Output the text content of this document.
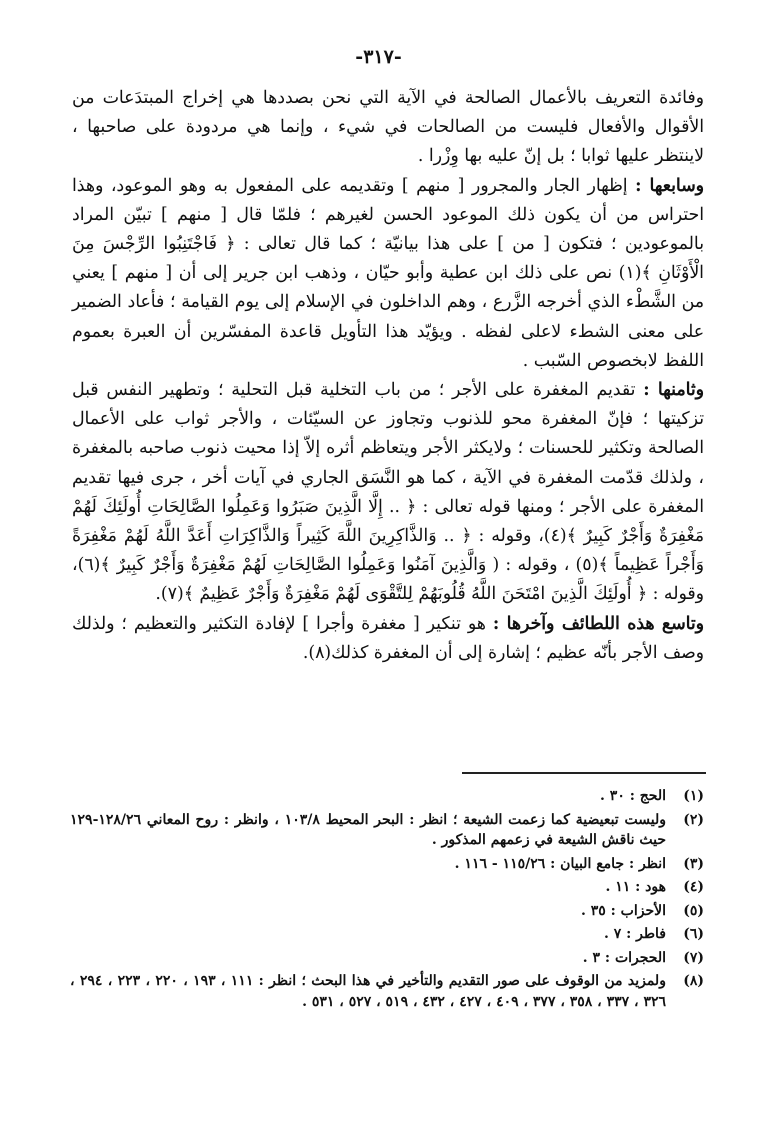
-٣١٧-

وفائدة التعريف بالأعمال الصالحة في الآية التي نحن بصددها هي إخراج المبتدَعات من الأقوال والأفعال فليست من الصالحات في شيء ، وإنما هي مردودة على صاحبها ، لاينتظر عليها ثوابا ؛ بل إنّ عليه بها وِزْرا .

وسابعها : إظهار الجار والمجرور [ منهم ] وتقديمه على المفعول به وهو الموعود، وهذا احتراس من أن يكون ذلك الموعود الحسن لغيرهم ؛ فلمّا قال [ منهم ] تبيّن المراد بالموعودين ؛ فتكون [ من ] على هذا بيانيّة ؛ كما قال تعالى : ﴿ فَاجْتَنِبُوا الرِّجْسَ مِنَ الْأَوْثَانِ ﴾(١) نص على ذلك ابن عطية وأبو حيّان ، وذهب ابن جرير إلى أن [ منهم ] يعني من الشَّطْء الذي أخرجه الزَّرع ، وهم الداخلون في الإسلام إلى يوم القيامة ؛ فأعاد الضمير على معنى الشطء لاعلى لفظه . ويؤيّد هذا التأويل قاعدة المفسّرين أن العبرة بعموم اللفظ لابخصوص السّبب .

وثامنها : تقديم المغفرة على الأجر ؛ من باب التخلية قبل التحلية ؛ وتطهير النفس قبل تزكيتها ؛ فإنّ المغفرة محو للذنوب وتجاوز عن السيّئات ، والأجر ثواب على الأعمال الصالحة وتكثير للحسنات ؛ ولايكثر الأجر ويتعاظم أثره إلاّ إذا محيت ذنوب صاحبه بالمغفرة ، ولذلك قدّمت المغفرة في الآية ، كما هو النَّسَق الجاري في آيات أخر ، جرى فيها تقديم المغفرة على الأجر ؛ ومنها قوله تعالى : ﴿ .. إِلَّا الَّذِينَ صَبَرُوا وَعَمِلُوا الصَّالِحَاتِ أُولَئِكَ لَهُمْ مَغْفِرَةٌ وَأَجْرٌ كَبِيرٌ ﴾(٤)، وقوله : ﴿ .. وَالذَّاكِرِينَ اللَّهَ كَثِيراً وَالذَّاكِرَاتِ أَعَدَّ اللَّهُ لَهُمْ مَغْفِرَةً وَأَجْراً عَظِيماً ﴾(٥) ، وقوله : ( وَالَّذِينَ آمَنُوا وَعَمِلُوا الصَّالِحَاتِ لَهُمْ مَغْفِرَةٌ وَأَجْرٌ كَبِيرٌ ﴾(٦)، وقوله : ﴿ أُولَئِكَ الَّذِينَ امْتَحَنَ اللَّهُ قُلُوبَهُمْ لِلتَّقْوَى لَهُمْ مَغْفِرَةٌ وَأَجْرٌ عَظِيمٌ ﴾(٧).

وتاسع هذه اللطائف وآخرها : هو تنكير [ مغفرة وأجرا ] لإفادة التكثير والتعظيم ؛ ولذلك وصف الأجر بأنّه عظيم ؛ إشارة إلى أن المغفرة كذلك(٨).

(١)
الحج : ٣٠ .
(٢)
وليست تبعيضية كما زعمت الشيعة ؛ انظر : البحر المحيط ١٠٣/٨ ، وانظر : روح المعاني ١٢٨/٢٦-١٢٩ حيث ناقش الشيعة في زعمهم المذكور .
(٣)
انظر : جامع البيان : ١١٥/٢٦ - ١١٦ .
(٤)
هود : ١١ .
(٥)
الأحزاب : ٣٥ .
(٦)
فاطر : ٧ .
(٧)
الحجرات : ٣ .
(٨)
ولمزيد من الوقوف على صور التقديم والتأخير في هذا البحث ؛ انظر : ١١١ ، ١٩٣ ، ٢٢٠ ، ٢٢٣ ، ٢٩٤ ، ٣٢٦ ، ٣٣٧ ، ٣٥٨ ، ٣٧٧ ، ٤٠٩ ، ٤٢٧ ، ٤٣٢ ، ٥١٩ ، ٥٢٧ ، ٥٣١ .
